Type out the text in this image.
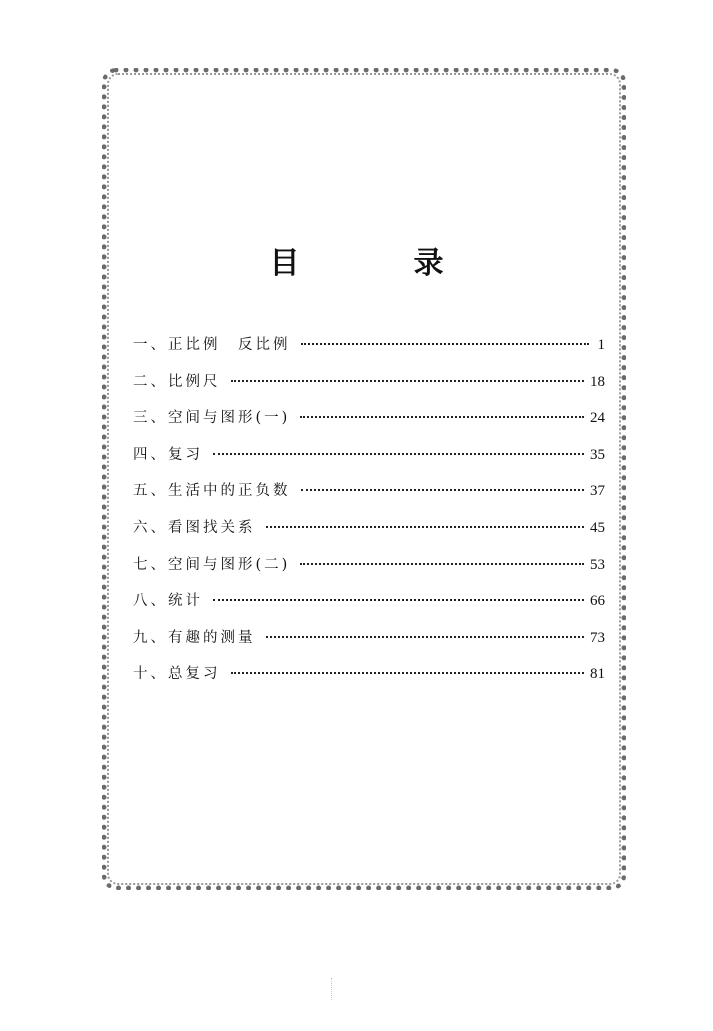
目　录
一、正比例　反比例	1
二、比例尺	18
三、空间与图形(一)	24
四、复习	35
五、生活中的正负数	37
六、看图找关系	45
七、空间与图形(二)	53
八、统计	66
九、有趣的测量	73
十、总复习	81
